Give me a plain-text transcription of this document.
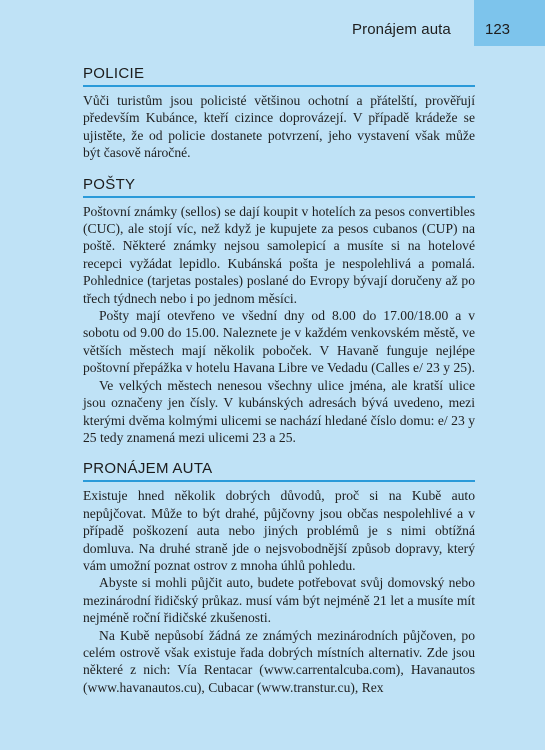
Pronájem auta	123
POLICIE

Vůči turistům jsou policisté většinou ochotní a přátelští, prověřují především Kubánce, kteří cizince doprovázejí. V případě krádeže se ujistěte, že od policie dostanete potvrzení, jeho vystavení však může být časově náročné.

POŠTY

Poštovní známky (sellos) se dají koupit v hotelích za pesos convertibles (CUC), ale stojí víc, než když je kupujete za pesos cubanos (CUP) na poště. Některé známky nejsou samolepicí a musíte si na hotelové recepci vyžádat lepidlo. Kubánská pošta je nespolehlivá a pomalá. Pohlednice (tarjetas postales) poslané do Evropy bývají doručeny až po třech týdnech nebo i po jednom měsíci.

Pošty mají otevřeno ve všední dny od 8.00 do 17.00/18.00 a v sobotu od 9.00 do 15.00. Naleznete je v každém venkovském městě, ve větších městech mají několik poboček. V Havaně funguje nejlépe poštovní přepážka v hotelu Havana Libre ve Vedadu (Calles e/ 23 y 25).

Ve velkých městech nenesou všechny ulice jména, ale kratší ulice jsou označeny jen čísly. V kubánských adresách bývá uvedeno, mezi kterými dvěma kolmými ulicemi se nachází hledané číslo domu: e/ 23 y 25 tedy znamená mezi ulicemi 23 a 25.

PRONÁJEM AUTA

Existuje hned několik dobrých důvodů, proč si na Kubě auto nepůjčovat. Může to být drahé, půjčovny jsou občas nespolehlivé a v případě poškození auta nebo jiných problémů je s nimi obtížná domluva. Na druhé straně jde o nejsvobodnější způsob dopravy, který vám umožní poznat ostrov z mnoha úhlů pohledu.

Abyste si mohli půjčit auto, budete potřebovat svůj domovský nebo mezinárodní řidičský průkaz. musí vám být nejméně 21 let a musíte mít nejméně roční řidičské zkušenosti.

Na Kubě nepůsobí žádná ze známých mezinárodních půjčoven, po celém ostrově však existuje řada dobrých místních alternativ. Zde jsou některé z nich: Vía Rentacar (www.carrentalcuba.com), Havanautos (www.havanautos.cu), Cubacar (www.transtur.cu), Rex
